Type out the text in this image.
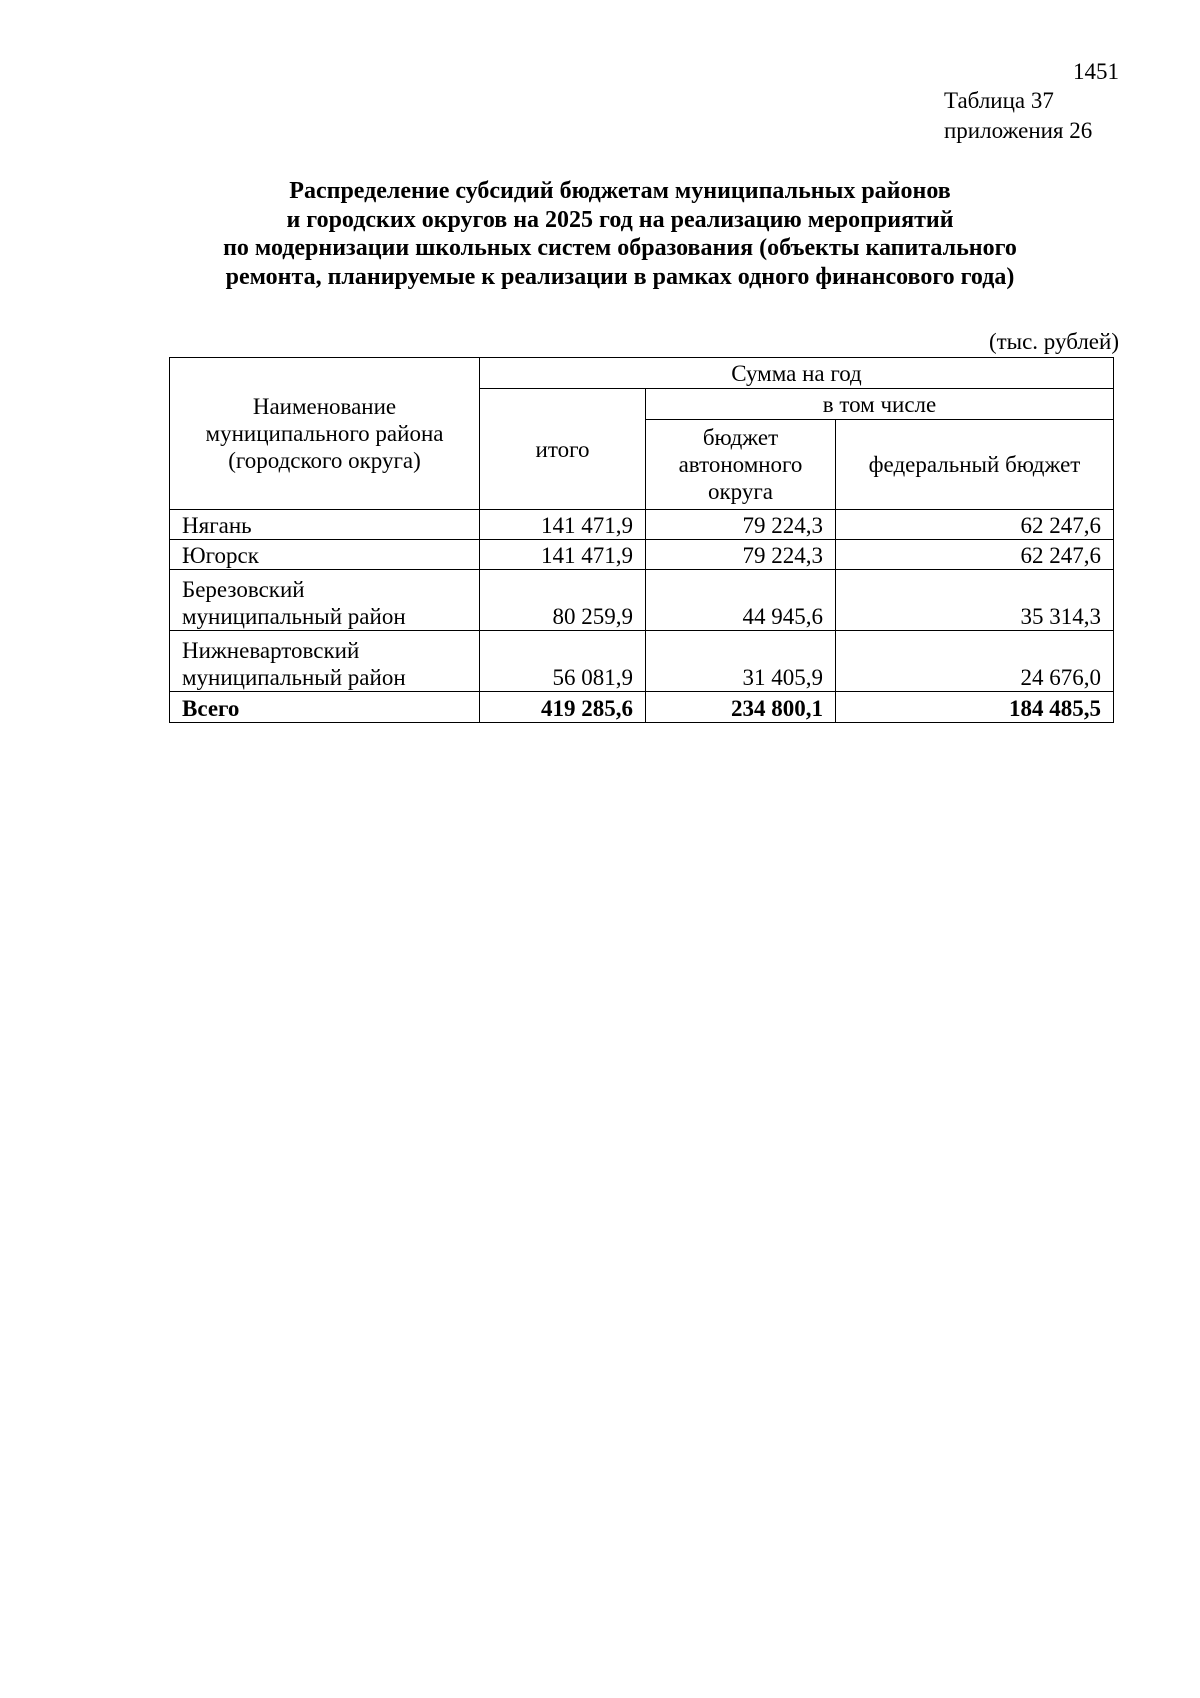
1451
Таблица 37
приложения 26
Распределение субсидий бюджетам муниципальных районов
и городских округов на 2025 год на реализацию мероприятий
по модернизации школьных систем образования (объекты капитального
ремонта, планируемые к реализации в рамках одного финансового года)
(тыс. рублей)
Наименование муниципального района (городского округа)	Сумма на год		
	итого	в том числе	
		бюджет автономного округа	федеральный бюджет
Нягань	141 471,9	79 224,3	62 247,6
Югорск	141 471,9	79 224,3	62 247,6
Березовский муниципальный район	80 259,9	44 945,6	35 314,3
Нижневартовский муниципальный район	56 081,9	31 405,9	24 676,0
Всего	419 285,6	234 800,1	184 485,5
